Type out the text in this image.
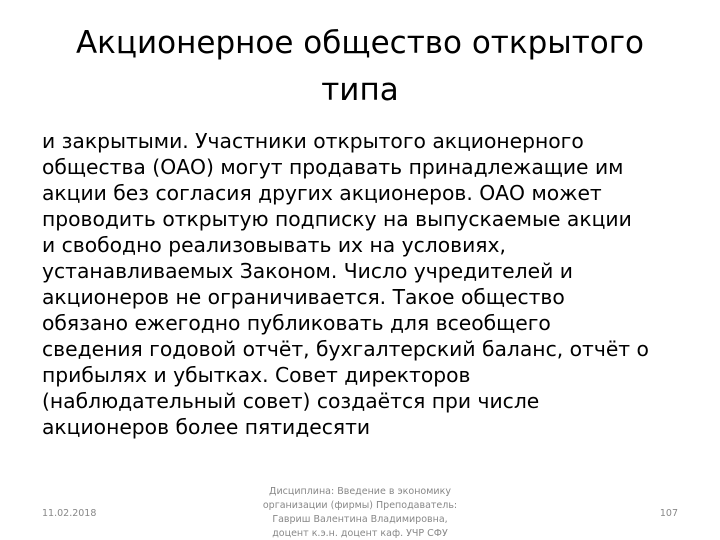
Акционерное общество открытого
типа
и закрытыми. Участники открытого акционерного
общества (ОАО) могут продавать принадлежащие им
акции без согласия других акционеров. ОАО может
проводить открытую подписку на выпускаемые акции
и свободно реализовывать их на условиях,
устанавливаемых Законом. Число учредителей и
акционеров не ограничивается. Такое общество
обязано ежегодно публиковать для всеобщего
сведения годовой отчёт, бухгалтерский баланс, отчёт о
прибылях и убытках. Совет директоров
(наблюдательный совет) создаётся при числе
акционеров более пятидесяти
11.02.2018
Дисциплина: Введение в экономику
организации (фирмы) Преподаватель:
Гавриш Валентина Владимировна,
доцент к.э.н. доцент каф. УЧР СФУ
107
